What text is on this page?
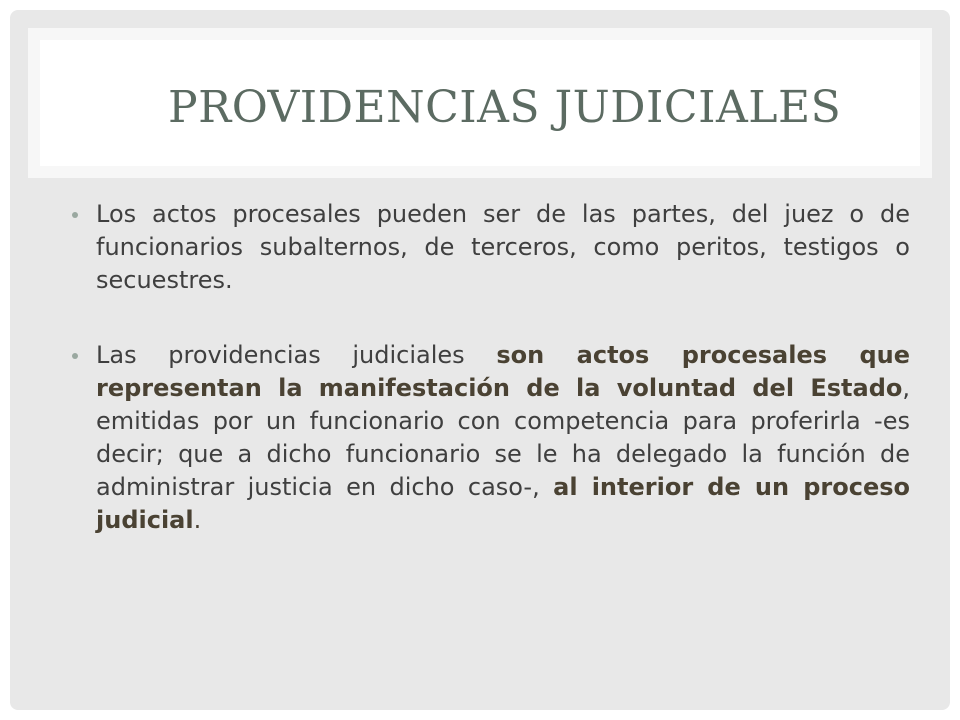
PROVIDENCIAS JUDICIALES

Los actos procesales pueden ser de las partes, del juez o de funcionarios subalternos, de terceros, como peritos, testigos o secuestres.

Las providencias judiciales son actos procesales que representan la manifestación de la voluntad del Estado, emitidas por un funcionario con competencia para proferirla -es decir; que a dicho funcionario se le ha delegado la función de administrar justicia en dicho caso-, al interior de un proceso judicial.
